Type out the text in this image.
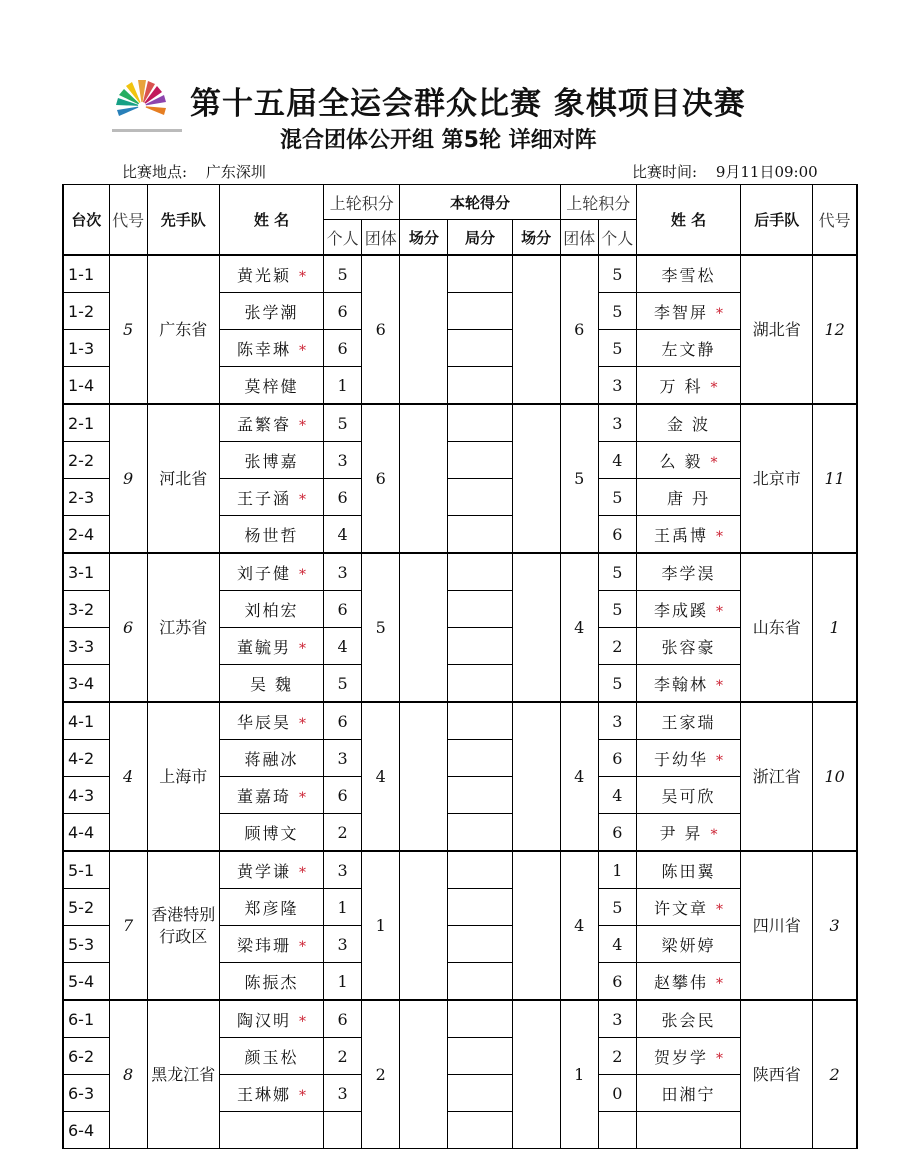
第十五届全运会群众比赛 象棋项目决赛
混合团体公开组 第5轮 详细对阵
比赛地点: 广东深圳	比赛时间: 9月11日09:00
台次	代号	先手队	姓 名	上轮积分		本轮得分			上轮积分		姓 名	后手队	代号
				个人	团体	场分	局分	场分	团体	个人			
1-1	5	广东省	黄光颖 *	5	6				6	5	李雪松	湖北省	12
1-2			张学潮	6						5	李智屏 *		
1-3			陈幸琳 *	6						5	左文静		
1-4			莫梓健	1						3	万 科 *		
2-1	9	河北省	孟繁睿 *	5	6				5	3	金 波	北京市	11
2-2			张博嘉	3						4	么 毅 *		
2-3			王子涵 *	6						5	唐 丹		
2-4			杨世哲	4						6	王禹博 *		
3-1	6	江苏省	刘子健 *	3	5				4	5	李学淏	山东省	1
3-2			刘柏宏	6						5	李成蹊 *		
3-3			董毓男 *	4						2	张容豪		
3-4			吴 魏	5						5	李翰林 *		
4-1	4	上海市	华辰昊 *	6	4				4	3	王家瑞	浙江省	10
4-2			蒋融冰	3						6	于幼华 *		
4-3			董嘉琦 *	6						4	吴可欣		
4-4			顾博文	2						6	尹 昇 *		
5-1	7	香港特别行政区	黄学谦 *	3	1				4	1	陈田翼	四川省	3
5-2			郑彦隆	1						5	许文章 *		
5-3			梁玮珊 *	3						4	梁妍婷		
5-4			陈振杰	1						6	赵攀伟 *		
6-1	8	黑龙江省	陶汉明 *	6	2				1	3	张会民	陕西省	2
6-2			颜玉松	2						2	贺岁学 *		
6-3			王琳娜 *	3						0	田湘宁		
6-4													
